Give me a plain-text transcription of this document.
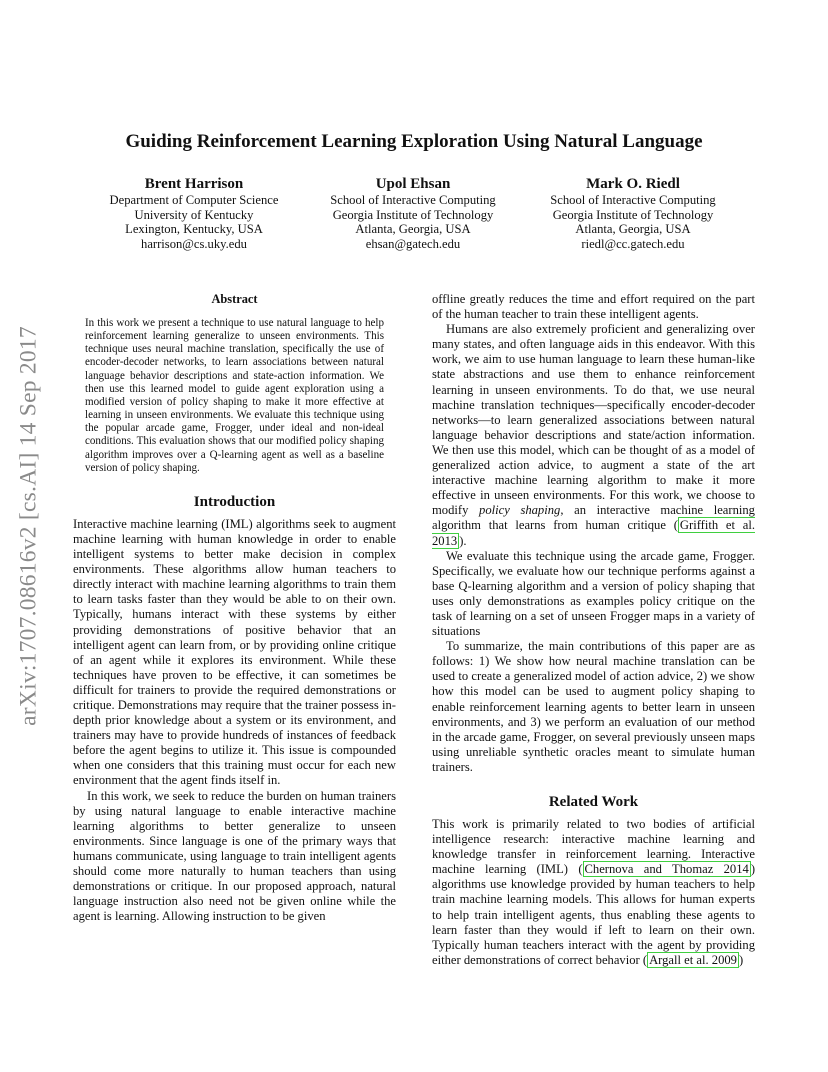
Guiding Reinforcement Learning Exploration Using Natural Language
Brent Harrison
Department of Computer Science
University of Kentucky
Lexington, Kentucky, USA
harrison@cs.uky.edu
Upol Ehsan
School of Interactive Computing
Georgia Institute of Technology
Atlanta, Georgia, USA
ehsan@gatech.edu
Mark O. Riedl
School of Interactive Computing
Georgia Institute of Technology
Atlanta, Georgia, USA
riedl@cc.gatech.edu
arXiv:1707.08616v2 [cs.AI] 14 Sep 2017
Abstract
In this work we present a technique to use natural language to help reinforcement learning generalize to unseen environments. This technique uses neural machine translation, specifically the use of encoder-decoder networks, to learn associations between natural language behavior descriptions and state-action information. We then use this learned model to guide agent exploration using a modified version of policy shaping to make it more effective at learning in unseen environments. We evaluate this technique using the popular arcade game, Frogger, under ideal and non-ideal conditions. This evaluation shows that our modified policy shaping algorithm improves over a Q-learning agent as well as a baseline version of policy shaping.
Introduction

Interactive machine learning (IML) algorithms seek to augment machine learning with human knowledge in order to enable intelligent systems to better make decision in complex environments. These algorithms allow human teachers to directly interact with machine learning algorithms to train them to learn tasks faster than they would be able to on their own. Typically, humans interact with these systems by either providing demonstrations of positive behavior that an intelligent agent can learn from, or by providing online critique of an agent while it explores its environment. While these techniques have proven to be effective, it can sometimes be difficult for trainers to provide the required demonstrations or critique. Demonstrations may require that the trainer possess in-depth prior knowledge about a system or its environment, and trainers may have to provide hundreds of instances of feedback before the agent begins to utilize it. This issue is compounded when one considers that this training must occur for each new environment that the agent finds itself in.

In this work, we seek to reduce the burden on human trainers by using natural language to enable interactive machine learning algorithms to better generalize to unseen environments. Since language is one of the primary ways that humans communicate, using language to train intelligent agents should come more naturally to human teachers than using demonstrations or critique. In our proposed approach, natural language instruction also need not be given online while the agent is learning. Allowing instruction to be given

offline greatly reduces the time and effort required on the part of the human teacher to train these intelligent agents.

Humans are also extremely proficient and generalizing over many states, and often language aids in this endeavor. With this work, we aim to use human language to learn these human-like state abstractions and use them to enhance reinforcement learning in unseen environments. To do that, we use neural machine translation techniques—specifically encoder-decoder networks—to learn generalized associations between natural language behavior descriptions and state/action information. We then use this model, which can be thought of as a model of generalized action advice, to augment a state of the art interactive machine learning algorithm to make it more effective in unseen environments. For this work, we choose to modify policy shaping, an interactive machine learning algorithm that learns from human critique ( Griffith et al. 2013 ).

We evaluate this technique using the arcade game, Frogger. Specifically, we evaluate how our technique performs against a base Q-learning algorithm and a version of policy shaping that uses only demonstrations as examples policy critique on the task of learning on a set of unseen Frogger maps in a variety of situations

To summarize, the main contributions of this paper are as follows: 1) We show how neural machine translation can be used to create a generalized model of action advice, 2) we show how this model can be used to augment policy shaping to enable reinforcement learning agents to better learn in unseen environments, and 3) we perform an evaluation of our method in the arcade game, Frogger, on several previously unseen maps using unreliable synthetic oracles meant to simulate human trainers.

Related Work

This work is primarily related to two bodies of artificial intelligence research: interactive machine learning and knowledge transfer in reinforcement learning. Interactive machine learning (IML) ( Chernova and Thomaz 2014 ) algorithms use knowledge provided by human teachers to help train machine learning models. This allows for human experts to help train intelligent agents, thus enabling these agents to learn faster than they would if left to learn on their own. Typically human teachers interact with the agent by providing either demonstrations of correct behavior ( Argall et al. 2009 )
